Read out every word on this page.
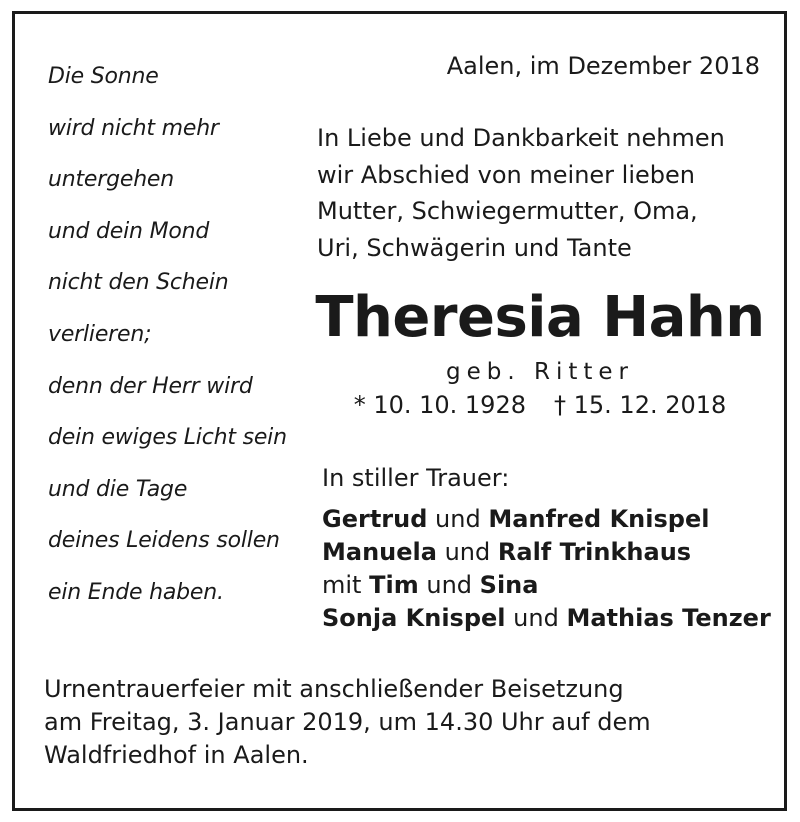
Die Sonne
wird nicht mehr
untergehen
und dein Mond
nicht den Schein
verlieren;
denn der Herr wird
dein ewiges Licht sein
und die Tage
deines Leidens sollen
ein Ende haben.
Aalen, im Dezember 2018
In Liebe und Dankbarkeit nehmen
wir Abschied von meiner lieben
Mutter, Schwiegermutter, Oma,
Uri, Schwägerin und Tante
Theresia Hahn
geb. Ritter
* 10. 10. 1928 † 15. 12. 2018
In stiller Trauer:
Gertrud und Manfred Knispel
Manuela und Ralf Trinkhaus
mit Tim und Sina
Sonja Knispel und Mathias Tenzer
Urnentrauerfeier mit anschließender Beisetzung
am Freitag, 3. Januar 2019, um 14.30 Uhr auf dem
Waldfriedhof in Aalen.
